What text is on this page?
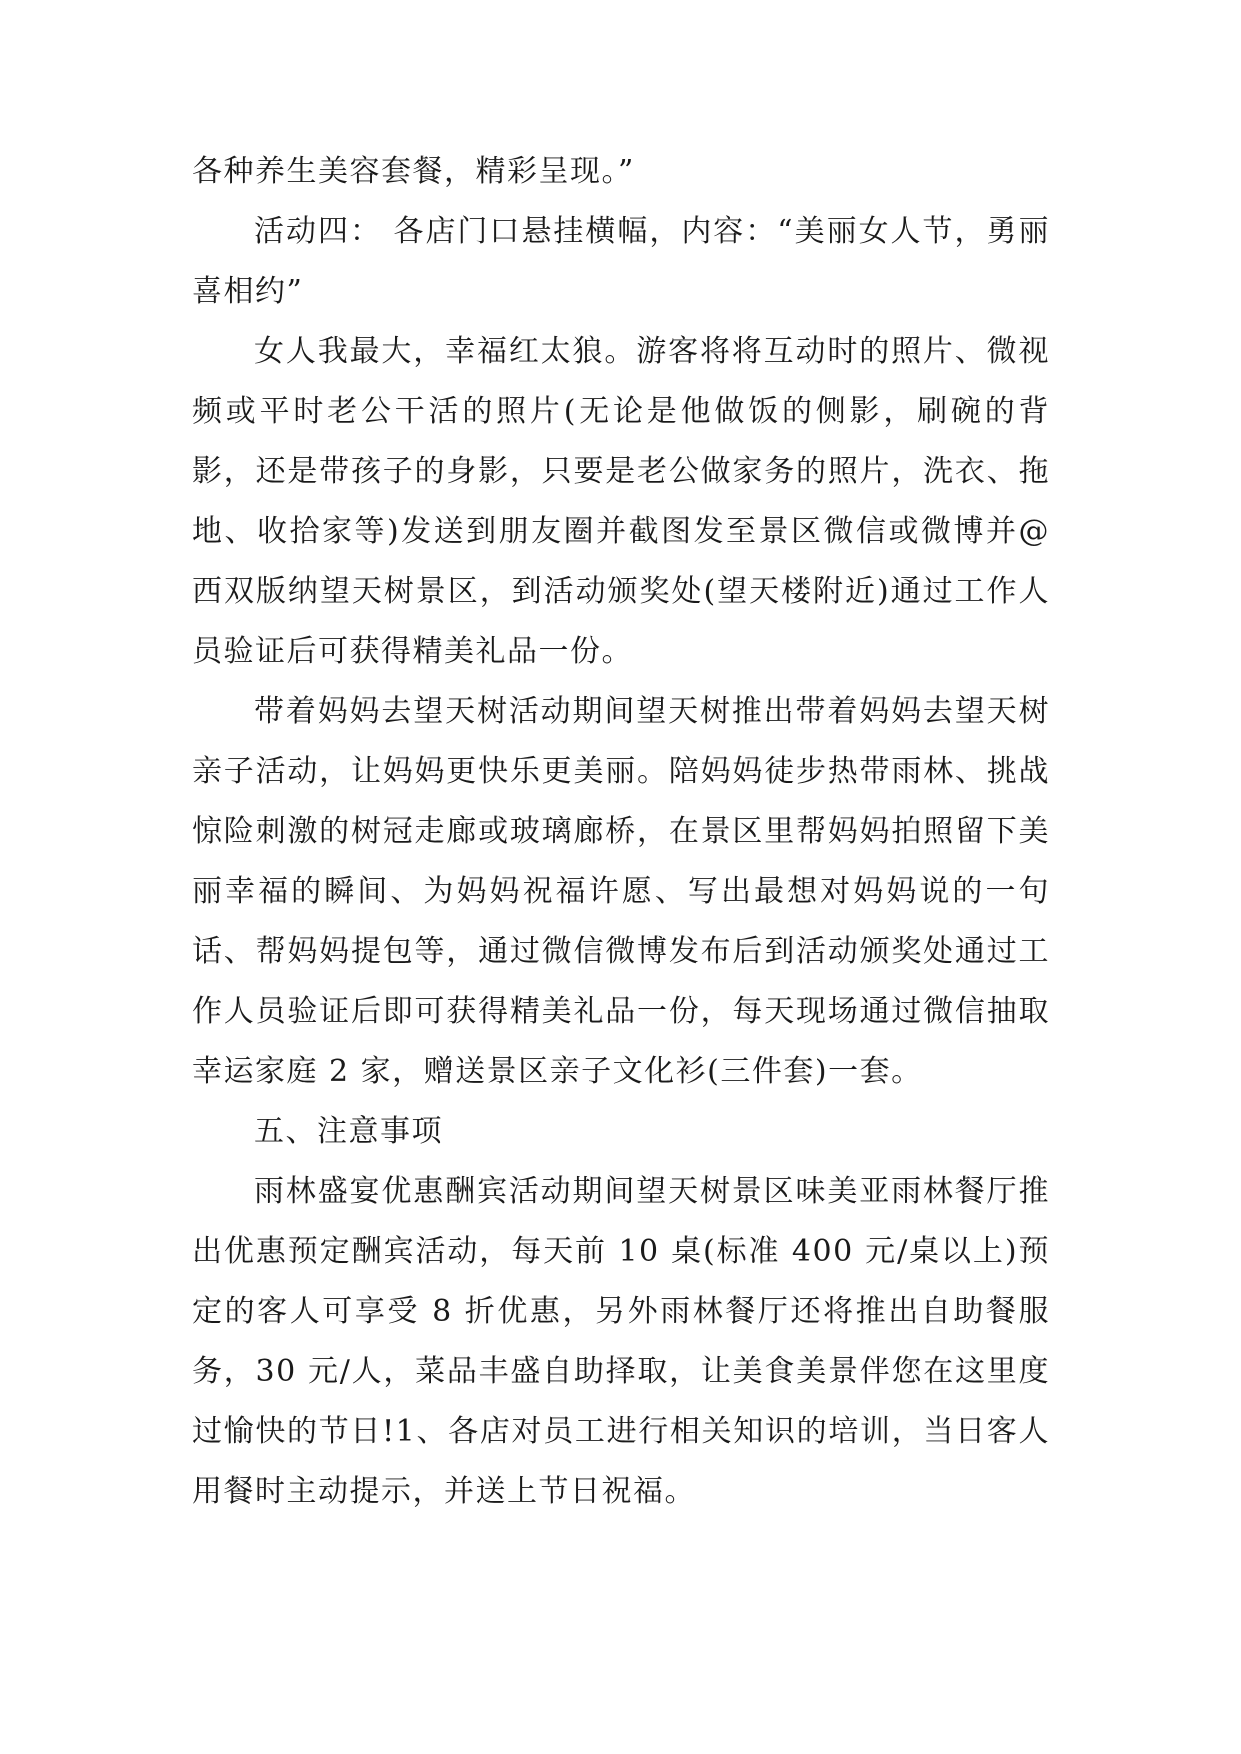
各种养生美容套餐，精彩呈现。”

活动四： 各店门口悬挂横幅，内容：“美丽女人节，勇丽喜相约”

女人我最大，幸福红太狼。游客将将互动时的照片、微视频或平时老公干活的照片(无论是他做饭的侧影，刷碗的背影，还是带孩子的身影，只要是老公做家务的照片，洗衣、拖地、收拾家等)发送到朋友圈并截图发至景区微信或微博并@西双版纳望天树景区，到活动颁奖处(望天楼附近)通过工作人员验证后可获得精美礼品一份。

带着妈妈去望天树活动期间望天树推出带着妈妈去望天树亲子活动，让妈妈更快乐更美丽。陪妈妈徒步热带雨林、挑战惊险刺激的树冠走廊或玻璃廊桥，在景区里帮妈妈拍照留下美丽幸福的瞬间、为妈妈祝福许愿、写出最想对妈妈说的一句话、帮妈妈提包等，通过微信微博发布后到活动颁奖处通过工作人员验证后即可获得精美礼品一份，每天现场通过微信抽取幸运家庭 2 家，赠送景区亲子文化衫(三件套)一套。

五、注意事项

雨林盛宴优惠酬宾活动期间望天树景区味美亚雨林餐厅推出优惠预定酬宾活动，每天前 10 桌(标准 400 元/桌以上)预定的客人可享受 8 折优惠，另外雨林餐厅还将推出自助餐服务，30 元/人，菜品丰盛自助择取，让美食美景伴您在这里度过愉快的节日!1、各店对员工进行相关知识的培训，当日客人用餐时主动提示，并送上节日祝福。
